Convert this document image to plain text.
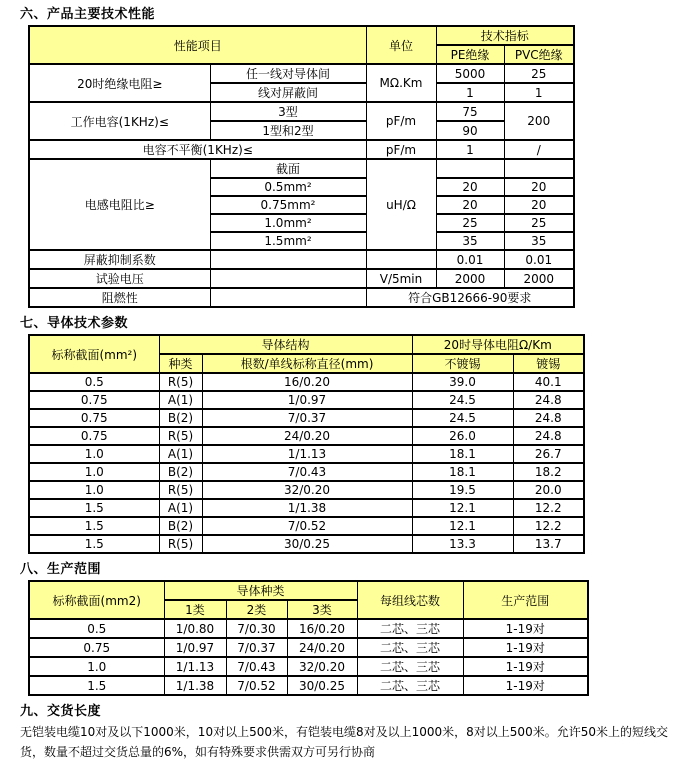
六、产品主要技术性能
性能项目		单位	技术指标	
			PE绝缘	PVC绝缘
20时绝缘电阻≥	任一线对导体间	MΩ.Km	5000	25
	线对屏蔽间		1	1
工作电容(1KHz)≤	3型	pF/m	75	200
	1型和2型		90	
电容不平衡(1KHz)≤		pF/m	1	/
电感电阻比≥	截面	uH/Ω		
	0.5mm²		20	20
	0.75mm²		20	20
	1.0mm²		25	25
	1.5mm²		35	35
屏蔽抑制系数			0.01	0.01
试验电压		V/5min	2000	2000
阻燃性		符合GB12666-90要求		
七、导体技术参数
标称截面(mm²)	导体结构		20时导体电阻Ω/Km	
	种类	根数/单线标称直径(mm)	不镀锡	镀锡
0.5	R(5)	16/0.20	39.0	40.1
0.75	A(1)	1/0.97	24.5	24.8
0.75	B(2)	7/0.37	24.5	24.8
0.75	R(5)	24/0.20	26.0	24.8
1.0	A(1)	1/1.13	18.1	26.7
1.0	B(2)	7/0.43	18.1	18.2
1.0	R(5)	32/0.20	19.5	20.0
1.5	A(1)	1/1.38	12.1	12.2
1.5	B(2)	7/0.52	12.1	12.2
1.5	R(5)	30/0.25	13.3	13.7
八、生产范围
标称截面(mm2)	导体种类			每组线芯数	生产范围
	1类	2类	3类		
0.5	1/0.80	7/0.30	16/0.20	二芯、三芯	1-19对
0.75	1/0.97	7/0.37	24/0.20	二芯、三芯	1-19对
1.0	1/1.13	7/0.43	32/0.20	二芯、三芯	1-19对
1.5	1/1.38	7/0.52	30/0.25	二芯、三芯	1-19对
九、交货长度

无铠装电缆10对及以下1000米，10对以上500米，有铠装电缆8对及以上1000米，8对以上500米。允许50米上的短线交货，数量不超过交货总量的6%，如有特殊要求供需双方可另行协商
